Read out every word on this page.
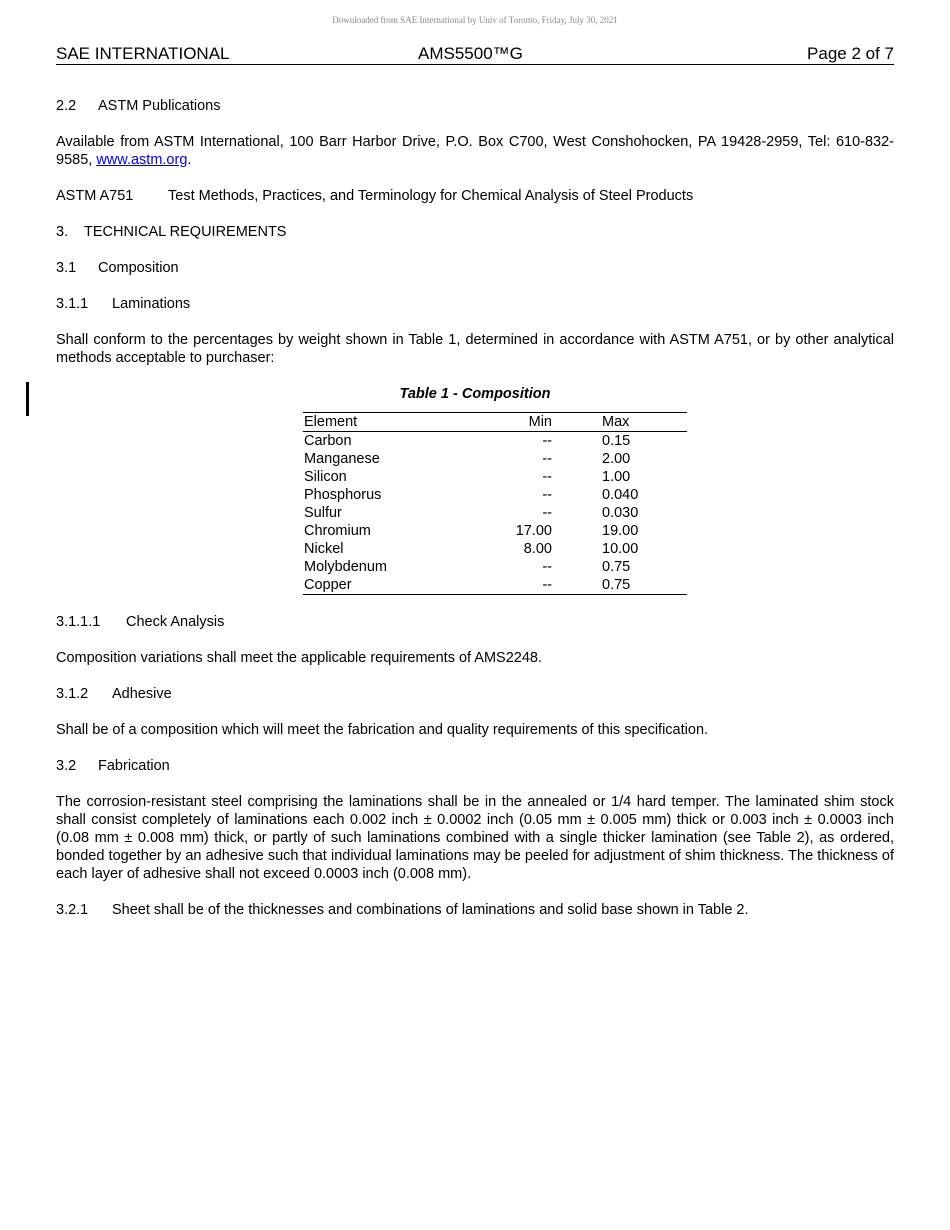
Downloaded from SAE International by Univ of Toronto, Friday, July 30, 2021
SAE INTERNATIONAL	AMS5500™G	Page 2 of 7

2.2 ASTM Publications

Available from ASTM International, 100 Barr Harbor Drive, P.O. Box C700, West Conshohocken, PA 19428-2959, Tel: 610-832-9585, www.astm.org.

ASTM A751 Test Methods, Practices, and Terminology for Chemical Analysis of Steel Products

3. TECHNICAL REQUIREMENTS

3.1 Composition

3.1.1 Laminations

Shall conform to the percentages by weight shown in Table 1, determined in accordance with ASTM A751, or by other analytical methods acceptable to purchaser:

Table 1 - Composition

Element	Min	Max
Carbon	--	0.15
Manganese	--	2.00
Silicon	--	1.00
Phosphorus	--	0.040
Sulfur	--	0.030
Chromium	17.00	19.00
Nickel	8.00	10.00
Molybdenum	--	0.75
Copper	--	0.75

3.1.1.1 Check Analysis

Composition variations shall meet the applicable requirements of AMS2248.

3.1.2 Adhesive

Shall be of a composition which will meet the fabrication and quality requirements of this specification.

3.2 Fabrication

The corrosion-resistant steel comprising the laminations shall be in the annealed or 1/4 hard temper. The laminated shim stock shall consist completely of laminations each 0.002 inch ± 0.0002 inch (0.05 mm ± 0.005 mm) thick or 0.003 inch ± 0.0003 inch (0.08 mm ± 0.008 mm) thick, or partly of such laminations combined with a single thicker lamination (see Table 2), as ordered, bonded together by an adhesive such that individual laminations may be peeled for adjustment of shim thickness. The thickness of each layer of adhesive shall not exceed 0.0003 inch (0.008 mm).

3.2.1 Sheet shall be of the thicknesses and combinations of laminations and solid base shown in Table 2.
